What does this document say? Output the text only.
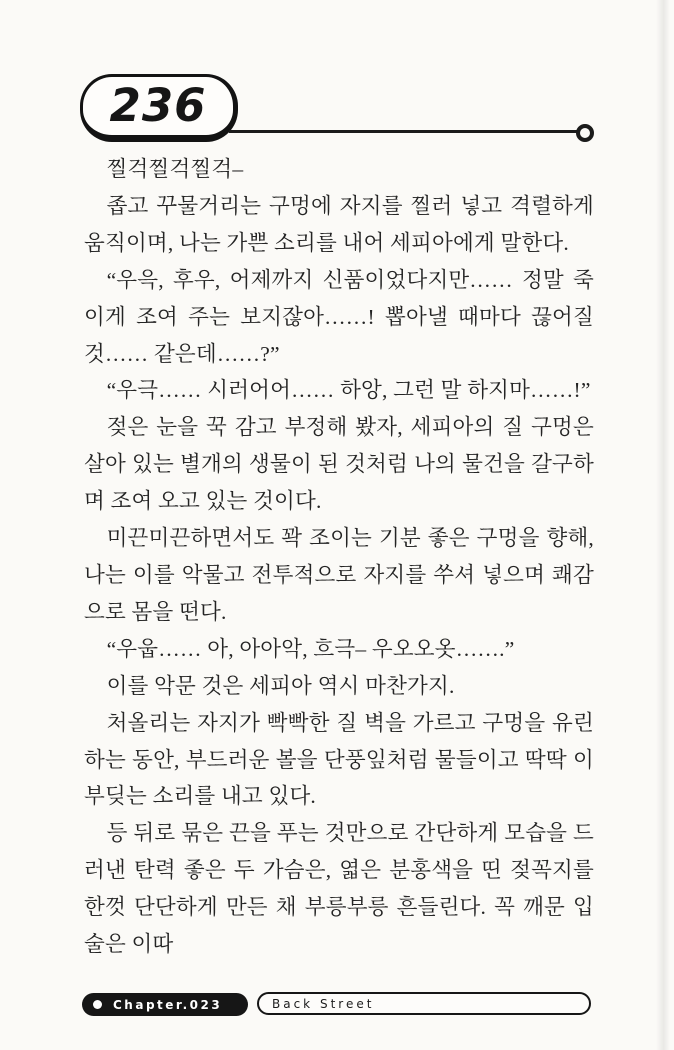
236

찔걱찔걱찔걱–

좁고 꾸물거리는 구멍에 자지를 찔러 넣고 격렬하게 움직이며, 나는 가쁜 소리를 내어 세피아에게 말한다.

“우윽, 후우, 어제까지 신품이었다지만…… 정말 죽이게 조여 주는 보지잖아……! 뽑아낼 때마다 끊어질 것…… 같은데……?”

“우극…… 시러어어…… 하앙, 그런 말 하지마……!”

젖은 눈을 꾹 감고 부정해 봤자, 세피아의 질 구멍은 살아 있는 별개의 생물이 된 것처럼 나의 물건을 갈구하며 조여 오고 있는 것이다.

미끈미끈하면서도 꽉 조이는 기분 좋은 구멍을 향해, 나는 이를 악물고 전투적으로 자지를 쑤셔 넣으며 쾌감으로 몸을 떤다.

“우웁…… 아, 아아악, 흐극– 우오오옷…….”

이를 악문 것은 세피아 역시 마찬가지.

처올리는 자지가 빡빡한 질 벽을 가르고 구멍을 유린하는 동안, 부드러운 볼을 단풍잎처럼 물들이고 딱딱 이 부딪는 소리를 내고 있다.

등 뒤로 묶은 끈을 푸는 것만으로 간단하게 모습을 드러낸 탄력 좋은 두 가슴은, 엷은 분홍색을 띤 젖꼭지를 한껏 단단하게 만든 채 부릉부릉 흔들린다. 꼭 깨문 입술은 이따

Chapter.023	Back Street
